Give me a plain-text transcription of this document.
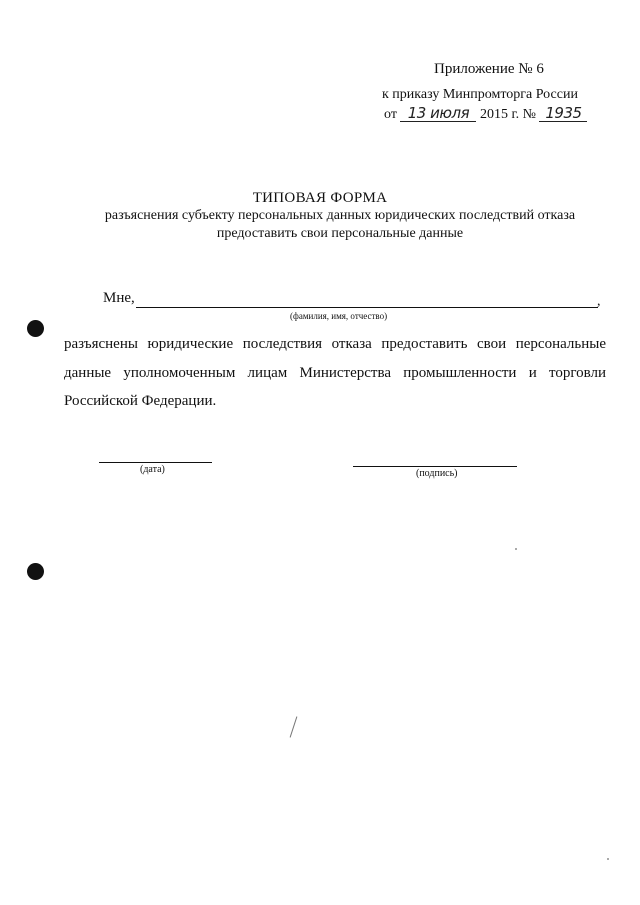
Приложение № 6
к приказу Минпромторга России
от 13 июля 2015 г. № 1935
ТИПОВАЯ ФОРМА
разъяснения субъекту персональных данных юридических последствий отказа
предоставить свои персональные данные
Мне,	,
(фамилия, имя, отчество)
разъяснены юридические последствия отказа предоставить свои персональные данные уполномоченным лицам Министерства промышленности и торговли Российской Федерации.
(дата)	(подпись)
